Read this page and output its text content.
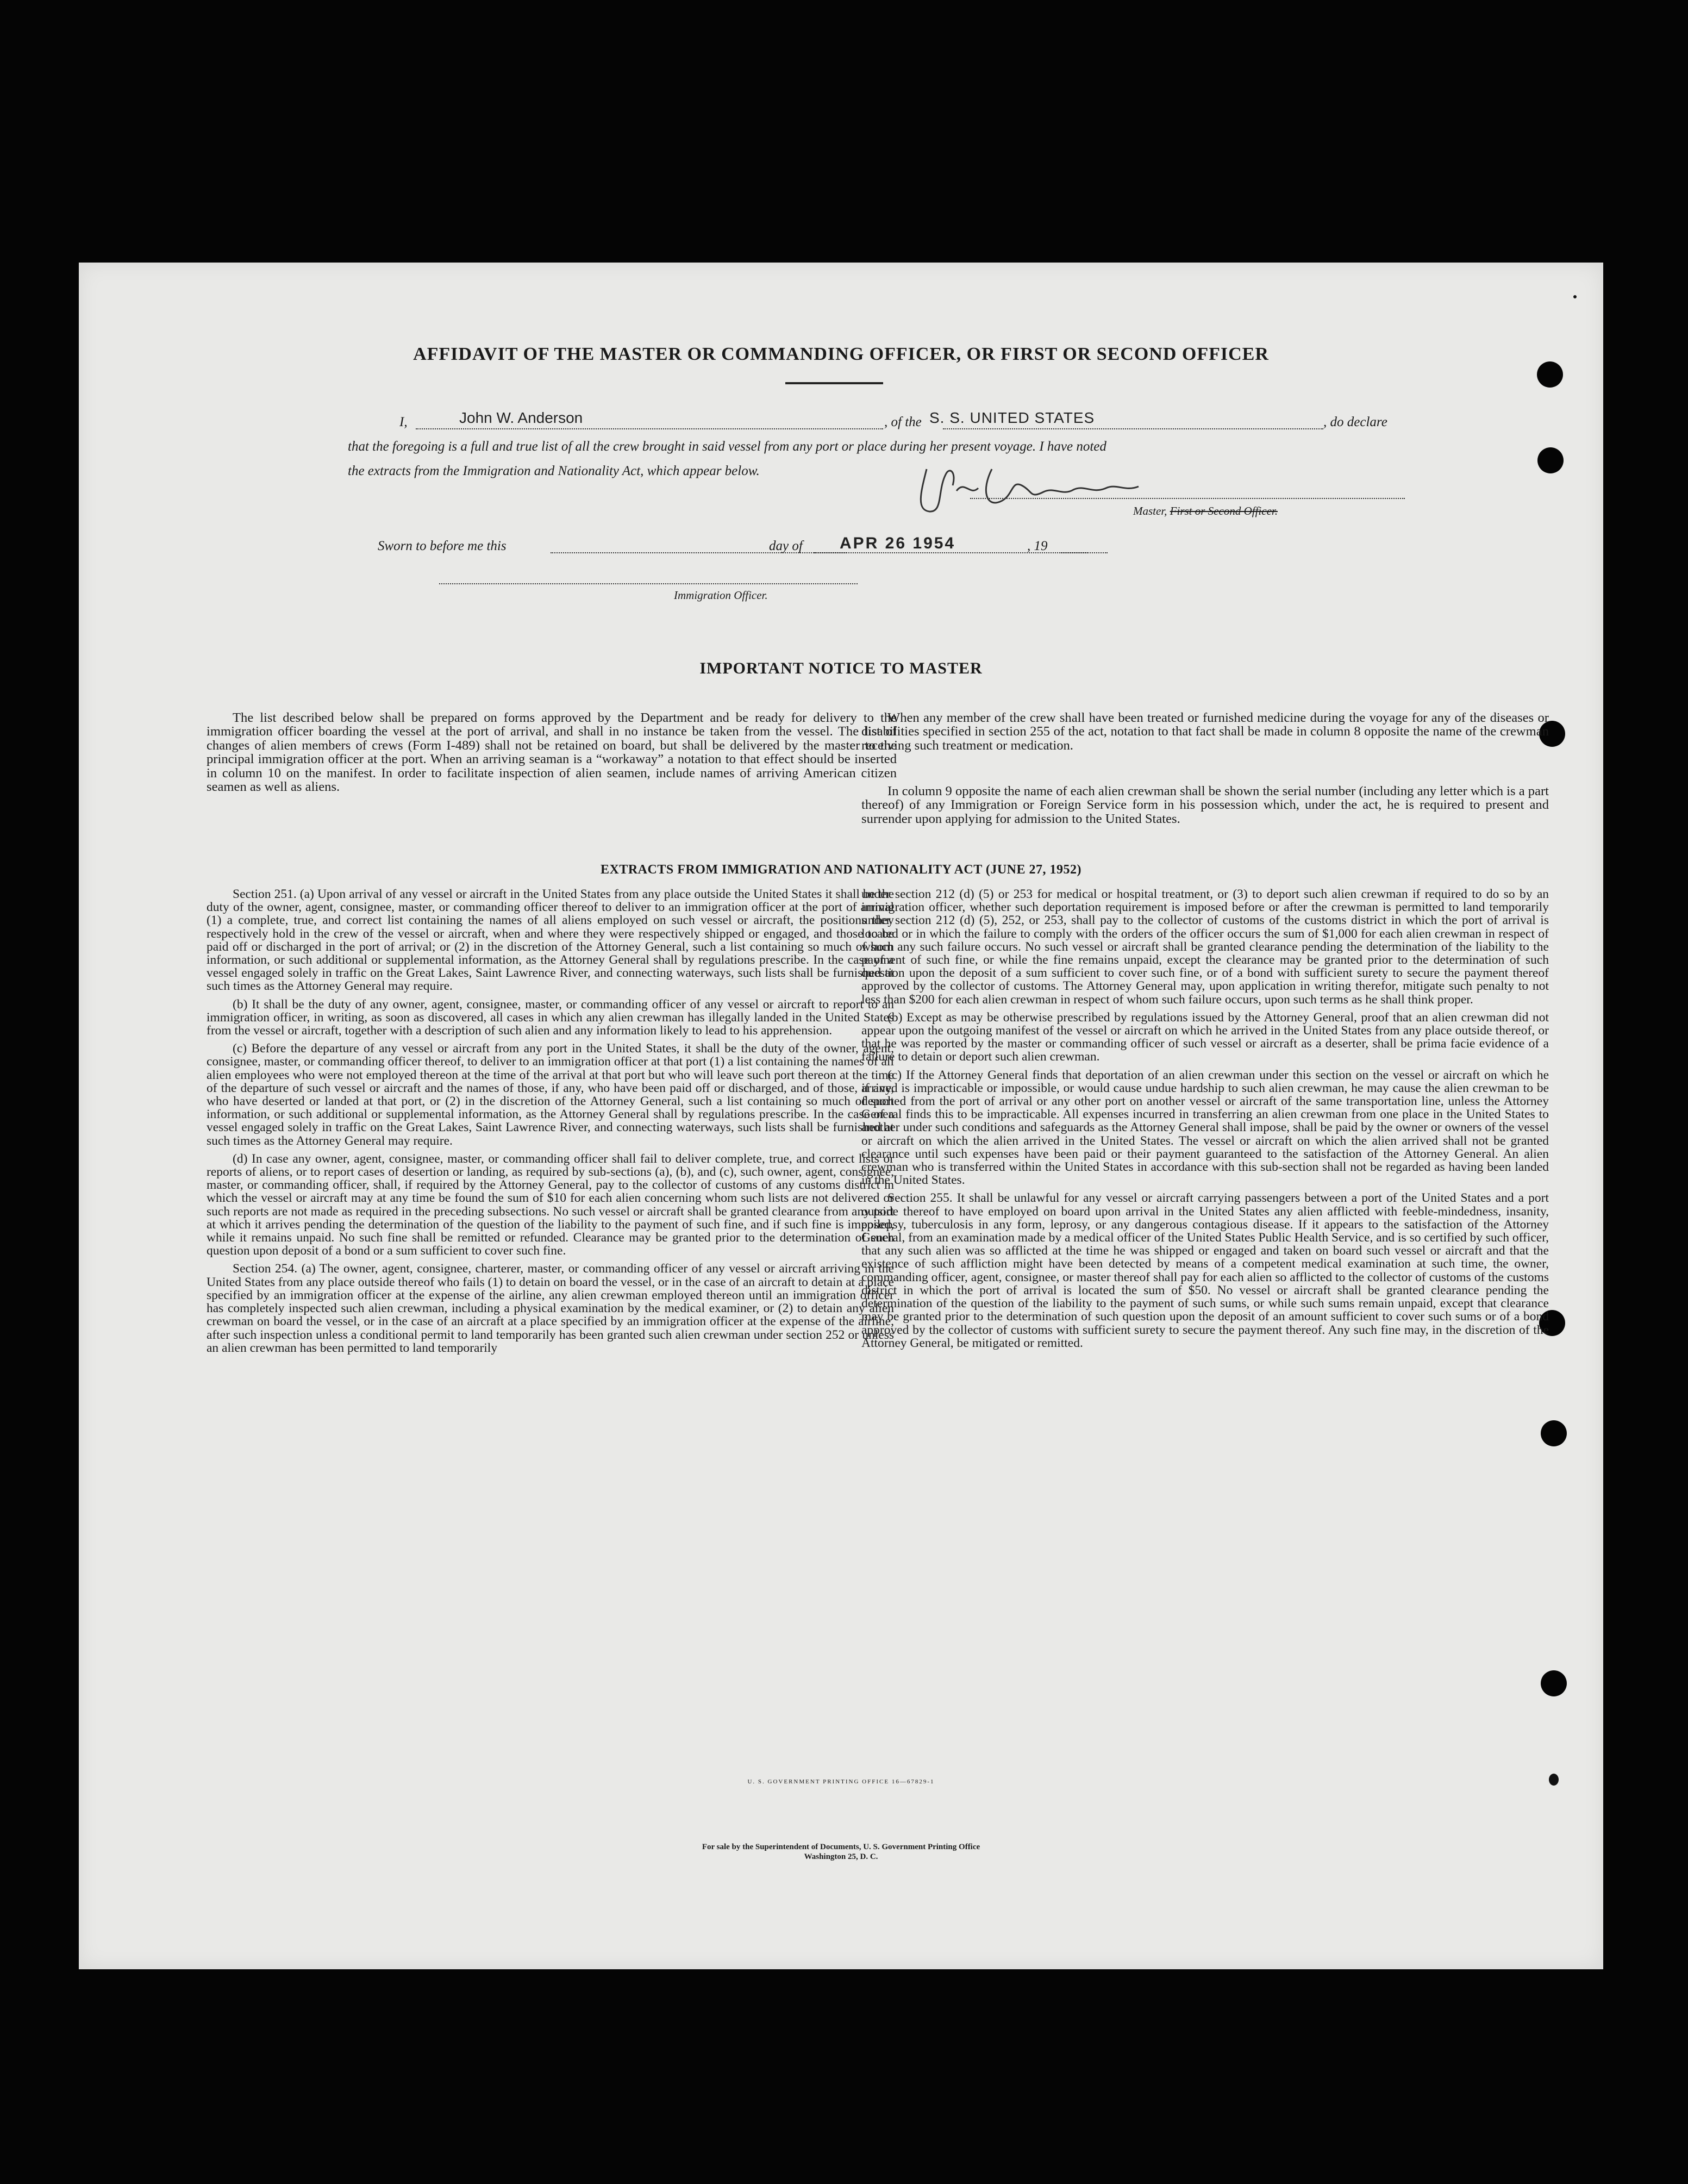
AFFIDAVIT OF THE MASTER OR COMMANDING OFFICER, OR FIRST OR SECOND OFFICER
I,	John W. Anderson	, of the S. S. UNITED STATES	, do declare
that the foregoing is a full and true list of all the crew brought in said vessel from any port or place during her present voyage. I have noted
the extracts from the Immigration and Nationality Act, which appear below.
Master, First or Second Officer.
Sworn to before me this	day of APR 26 1954	, 19
Immigration Officer.
IMPORTANT NOTICE TO MASTER

The list described below shall be prepared on forms approved by the Department and be ready for delivery to the immigration officer boarding the vessel at the port of arrival, and shall in no instance be taken from the vessel. The list of changes of alien members of crews (Form I-489) shall not be retained on board, but shall be delivered by the master to the principal immigration officer at the port. When an arriving seaman is a “workaway” a notation to that effect should be inserted in column 10 on the manifest. In order to facilitate inspection of alien seamen, include names of arriving American citizen seamen as well as aliens.

When any member of the crew shall have been treated or furnished medicine during the voyage for any of the diseases or disabilities specified in section 255 of the act, notation to that fact shall be made in column 8 opposite the name of the crewman receiving such treatment or medication.

In column 9 opposite the name of each alien crewman shall be shown the serial number (including any letter which is a part thereof) of any Immigration or Foreign Service form in his possession which, under the act, he is required to present and surrender upon applying for admission to the United States.

EXTRACTS FROM IMMIGRATION AND NATIONALITY ACT (JUNE 27, 1952)

Section 251. (a) Upon arrival of any vessel or aircraft in the United States from any place outside the United States it shall be the duty of the owner, agent, consignee, master, or commanding officer thereof to deliver to an immigration officer at the port of arrival (1) a complete, true, and correct list containing the names of all aliens employed on such vessel or aircraft, the positions they respectively hold in the crew of the vessel or aircraft, when and where they were respectively shipped or engaged, and those to be paid off or discharged in the port of arrival; or (2) in the discretion of the Attorney General, such a list containing so much of such information, or such additional or supplemental information, as the Attorney General shall by regulations prescribe. In the case of a vessel engaged solely in traffic on the Great Lakes, Saint Lawrence River, and connecting waterways, such lists shall be furnished at such times as the Attorney General may require.

(b) It shall be the duty of any owner, agent, consignee, master, or commanding officer of any vessel or aircraft to report to an immigration officer, in writing, as soon as discovered, all cases in which any alien crewman has illegally landed in the United States from the vessel or aircraft, together with a description of such alien and any information likely to lead to his apprehension.

(c) Before the departure of any vessel or aircraft from any port in the United States, it shall be the duty of the owner, agent, consignee, master, or commanding officer thereof, to deliver to an immigration officer at that port (1) a list containing the names of all alien employees who were not employed thereon at the time of the arrival at that port but who will leave such port thereon at the time of the departure of such vessel or aircraft and the names of those, if any, who have been paid off or discharged, and of those, if any, who have deserted or landed at that port, or (2) in the discretion of the Attorney General, such a list containing so much of such information, or such additional or supplemental information, as the Attorney General shall by regulations prescribe. In the case of a vessel engaged solely in traffic on the Great Lakes, Saint Lawrence River, and connecting waterways, such lists shall be furnished at such times as the Attorney General may require.

(d) In case any owner, agent, consignee, master, or commanding officer shall fail to deliver complete, true, and correct lists or reports of aliens, or to report cases of desertion or landing, as required by sub-sections (a), (b), and (c), such owner, agent, consignee, master, or commanding officer, shall, if required by the Attorney General, pay to the collector of customs of any customs district in which the vessel or aircraft may at any time be found the sum of $10 for each alien concerning whom such lists are not delivered or such reports are not made as required in the preceding subsections. No such vessel or aircraft shall be granted clearance from any port at which it arrives pending the determination of the question of the liability to the payment of such fine, and if such fine is imposed, while it remains unpaid. No such fine shall be remitted or refunded. Clearance may be granted prior to the determination of such question upon deposit of a bond or a sum sufficient to cover such fine.

Section 254. (a) The owner, agent, consignee, charterer, master, or commanding officer of any vessel or aircraft arriving in the United States from any place outside thereof who fails (1) to detain on board the vessel, or in the case of an aircraft to detain at a place specified by an immigration officer at the expense of the airline, any alien crewman employed thereon until an immigration officer has completely inspected such alien crewman, including a physical examination by the medical examiner, or (2) to detain any alien crewman on board the vessel, or in the case of an aircraft at a place specified by an immigration officer at the expense of the airline, after such inspection unless a conditional permit to land temporarily has been granted such alien crewman under section 252 or unless an alien crewman has been permitted to land temporarily

under section 212 (d) (5) or 253 for medical or hospital treatment, or (3) to deport such alien crewman if required to do so by an immigration officer, whether such deportation requirement is imposed before or after the crewman is permitted to land temporarily under section 212 (d) (5), 252, or 253, shall pay to the collector of customs of the customs district in which the port of arrival is located or in which the failure to comply with the orders of the officer occurs the sum of $1,000 for each alien crewman in respect of whom any such failure occurs. No such vessel or aircraft shall be granted clearance pending the determination of the liability to the payment of such fine, or while the fine remains unpaid, except the clearance may be granted prior to the determination of such question upon the deposit of a sum sufficient to cover such fine, or of a bond with sufficient surety to secure the payment thereof approved by the collector of customs. The Attorney General may, upon application in writing therefor, mitigate such penalty to not less than $200 for each alien crewman in respect of whom such failure occurs, upon such terms as he shall think proper.

(b) Except as may be otherwise prescribed by regulations issued by the Attorney General, proof that an alien crewman did not appear upon the outgoing manifest of the vessel or aircraft on which he arrived in the United States from any place outside thereof, or that he was reported by the master or commanding officer of such vessel or aircraft as a deserter, shall be prima facie evidence of a failure to detain or deport such alien crewman.

(c) If the Attorney General finds that deportation of an alien crewman under this section on the vessel or aircraft on which he arrived is impracticable or impossible, or would cause undue hardship to such alien crewman, he may cause the alien crewman to be deported from the port of arrival or any other port on another vessel or aircraft of the same transportation line, unless the Attorney General finds this to be impracticable. All expenses incurred in transferring an alien crewman from one place in the United States to another under such conditions and safeguards as the Attorney General shall impose, shall be paid by the owner or owners of the vessel or aircraft on which the alien arrived in the United States. The vessel or aircraft on which the alien arrived shall not be granted clearance until such expenses have been paid or their payment guaranteed to the satisfaction of the Attorney General. An alien crewman who is transferred within the United States in accordance with this sub-section shall not be regarded as having been landed in the United States.

Section 255. It shall be unlawful for any vessel or aircraft carrying passengers between a port of the United States and a port outside thereof to have employed on board upon arrival in the United States any alien afflicted with feeble-mindedness, insanity, epilepsy, tuberculosis in any form, leprosy, or any dangerous contagious disease. If it appears to the satisfaction of the Attorney General, from an examination made by a medical officer of the United States Public Health Service, and is so certified by such officer, that any such alien was so afflicted at the time he was shipped or engaged and taken on board such vessel or aircraft and that the existence of such affliction might have been detected by means of a competent medical examination at such time, the owner, commanding officer, agent, consignee, or master thereof shall pay for each alien so afflicted to the collector of customs of the customs district in which the port of arrival is located the sum of $50. No vessel or aircraft shall be granted clearance pending the determination of the question of the liability to the payment of such sums, or while such sums remain unpaid, except that clearance may be granted prior to the determination of such question upon the deposit of an amount sufficient to cover such sums or of a bond approved by the collector of customs with sufficient surety to secure the payment thereof. Any such fine may, in the discretion of the Attorney General, be mitigated or remitted.

U. S. GOVERNMENT PRINTING OFFICE 16—67829-1
For sale by the Superintendent of Documents, U. S. Government Printing Office
Washington 25, D. C.
